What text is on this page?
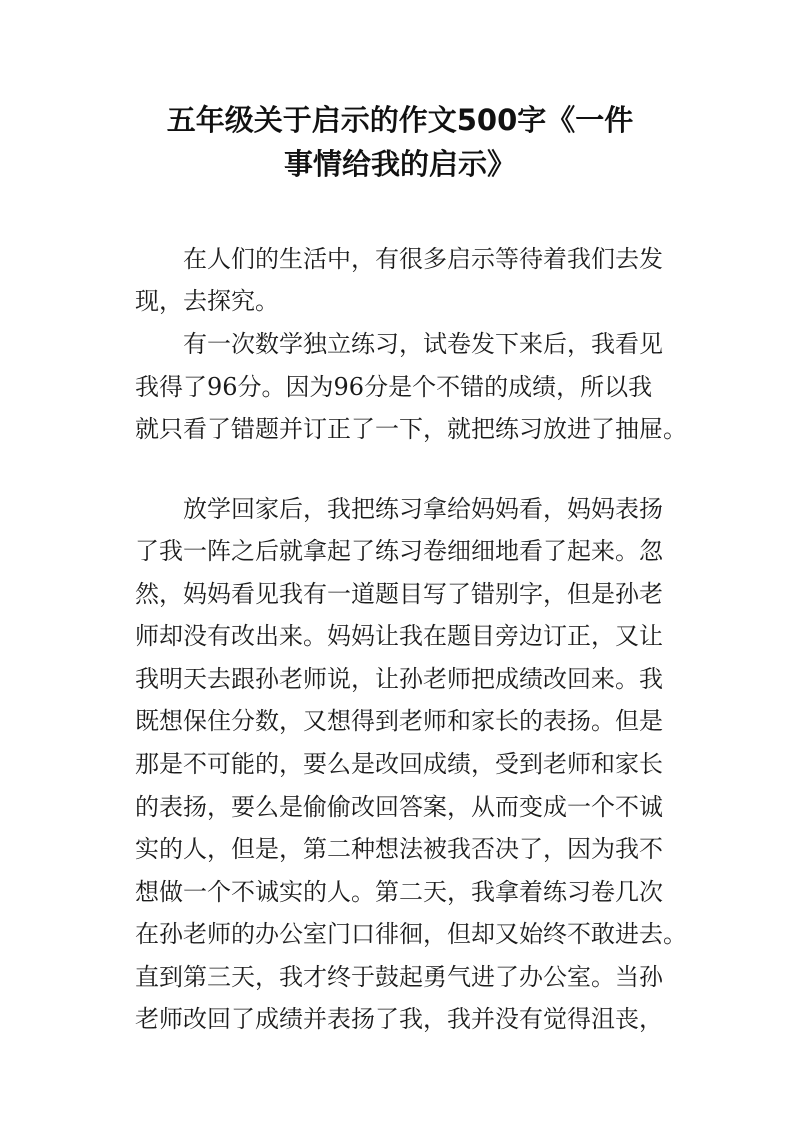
五年级关于启示的作文500字《一件
事情给我的启示》
在人们的生活中，有很多启示等待着我们去发
现，去探究。
有一次数学独立练习，试卷发下来后，我看见
我得了96分。因为96分是个不错的成绩，所以我
就只看了错题并订正了一下，就把练习放进了抽屉。
放学回家后，我把练习拿给妈妈看，妈妈表扬
了我一阵之后就拿起了练习卷细细地看了起来。忽
然，妈妈看见我有一道题目写了错别字，但是孙老
师却没有改出来。妈妈让我在题目旁边订正，又让
我明天去跟孙老师说，让孙老师把成绩改回来。我
既想保住分数，又想得到老师和家长的表扬。但是
那是不可能的，要么是改回成绩，受到老师和家长
的表扬，要么是偷偷改回答案，从而变成一个不诚
实的人，但是，第二种想法被我否决了，因为我不
想做一个不诚实的人。第二天，我拿着练习卷几次
在孙老师的办公室门口徘徊，但却又始终不敢进去。
直到第三天，我才终于鼓起勇气进了办公室。当孙
老师改回了成绩并表扬了我，我并没有觉得沮丧，
